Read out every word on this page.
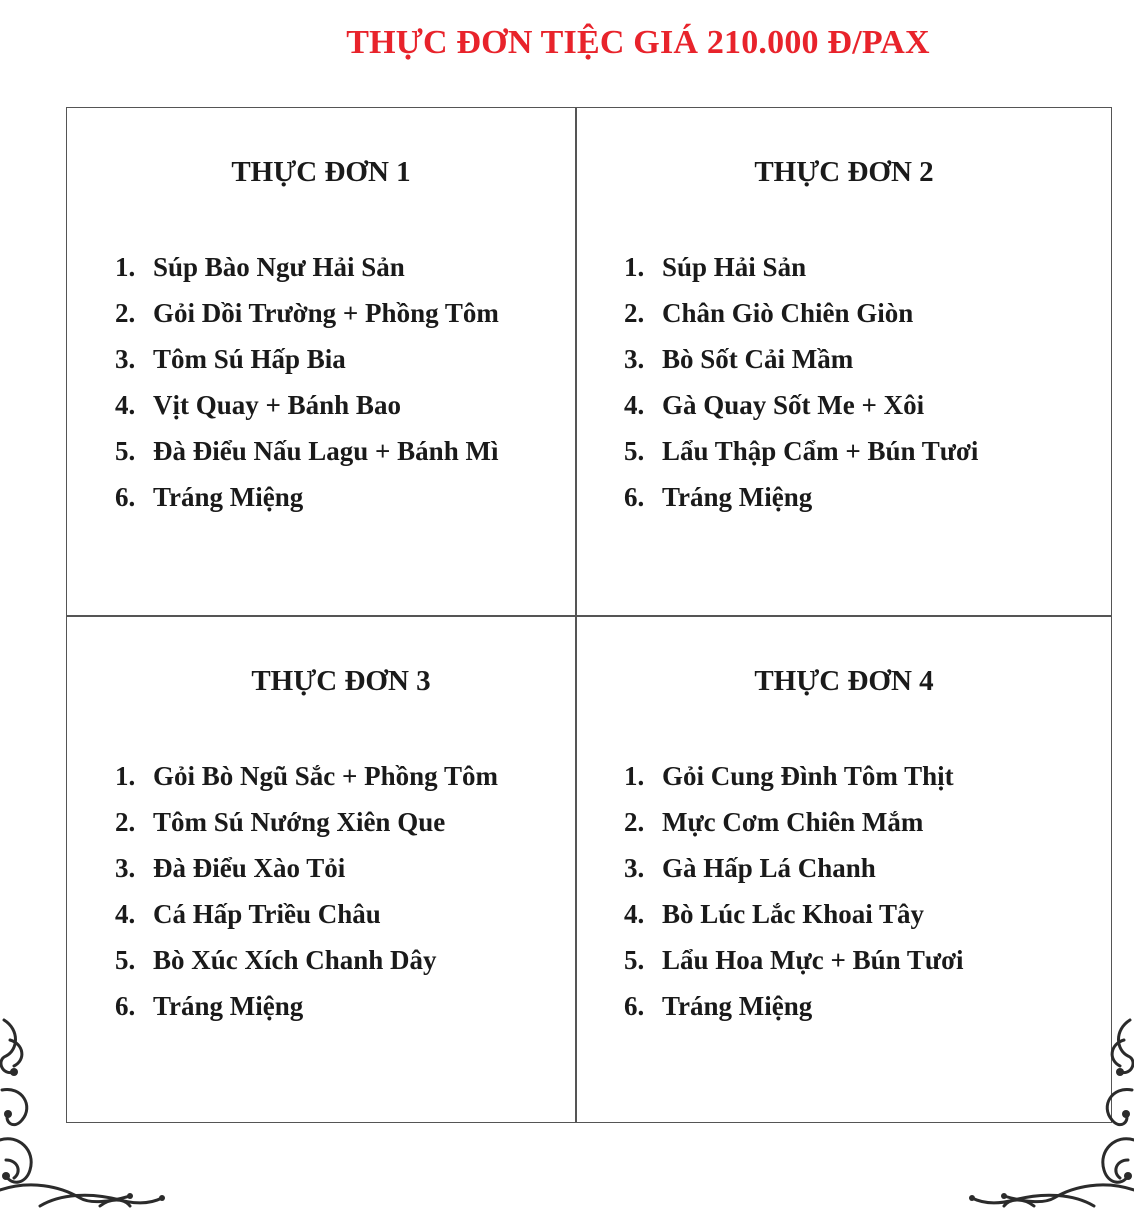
THỰC ĐƠN TIỆC GIÁ 210.000 Đ/PAX
THỰC ĐƠN 1
1. Súp Bào Ngư Hải Sản
2. Gỏi Dồi Trường + Phồng Tôm
3. Tôm Sú Hấp Bia
4. Vịt Quay + Bánh Bao
5. Đà Điểu Nấu Lagu + Bánh Mì
6. Tráng Miệng
THỰC ĐƠN 2
1. Súp Hải Sản
2. Chân Giò Chiên Giòn
3. Bò Sốt Cải Mầm
4. Gà Quay Sốt Me + Xôi
5. Lẩu Thập Cẩm + Bún Tươi
6. Tráng Miệng
THỰC ĐƠN 3
1. Gỏi Bò Ngũ Sắc + Phồng Tôm
2. Tôm Sú Nướng Xiên Que
3. Đà Điểu Xào Tỏi
4. Cá Hấp Triều Châu
5. Bò Xúc Xích Chanh Dây
6. Tráng Miệng
THỰC ĐƠN 4
1. Gỏi Cung Đình Tôm Thịt
2. Mực Cơm Chiên Mắm
3. Gà Hấp Lá Chanh
4. Bò Lúc Lắc Khoai Tây
5. Lẩu Hoa Mực + Bún Tươi
6. Tráng Miệng
